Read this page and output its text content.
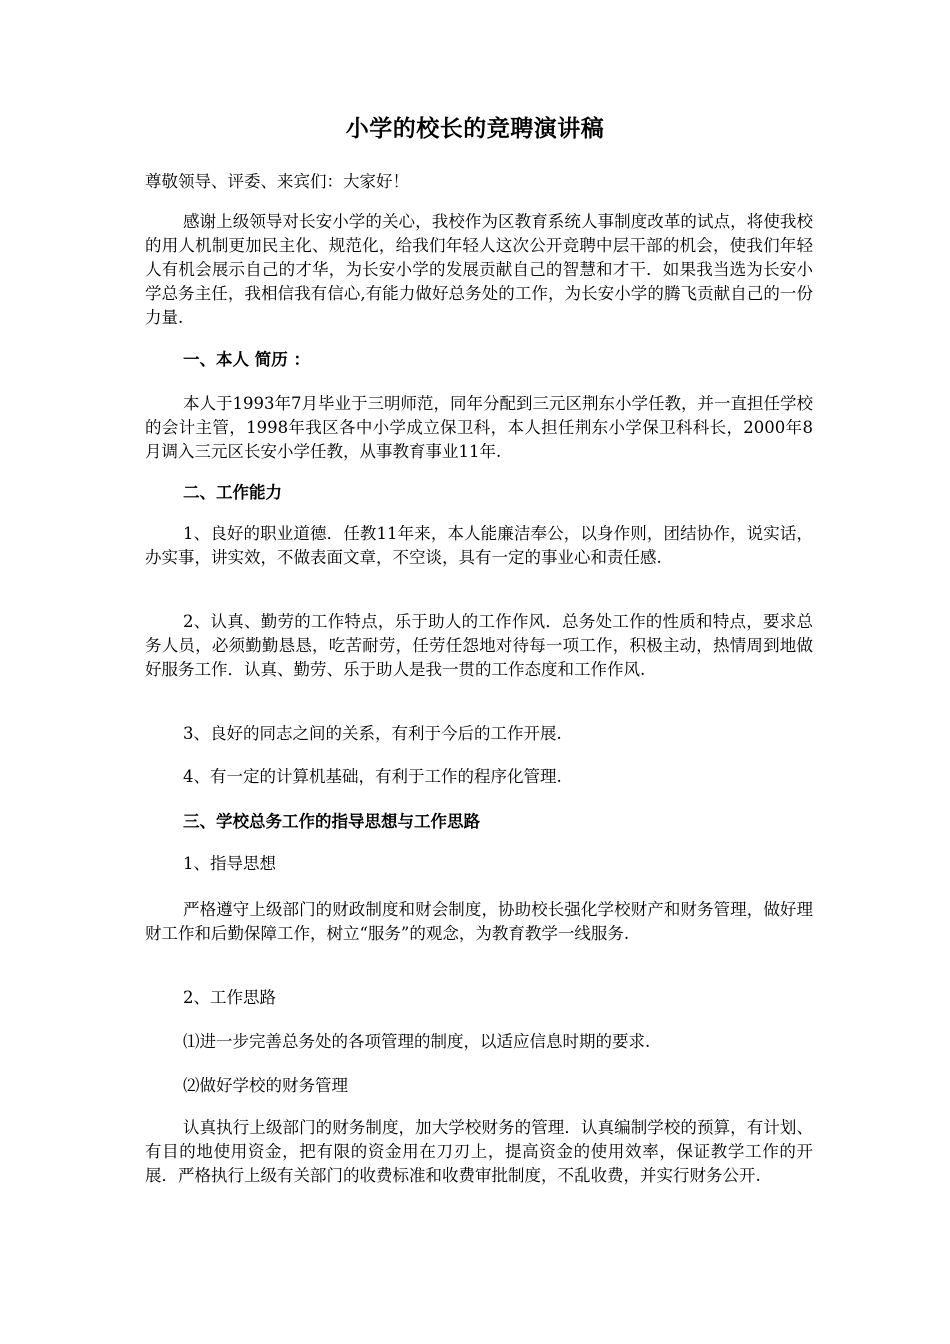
小学的校长的竞聘演讲稿

尊敬领导、评委、来宾们：大家好！

感谢上级领导对长安小学的关心，我校作为区教育系统人事制度改革的试点，将使我校的用人机制更加民主化、规范化，给我们年轻人这次公开竞聘中层干部的机会，使我们年轻人有机会展示自己的才华，为长安小学的发展贡献自己的智慧和才干．如果我当选为长安小学总务主任，我相信我有信心,有能力做好总务处的工作，为长安小学的腾飞贡献自己的一份力量.

一、本人 简历 ：

本人于1993年7月毕业于三明师范，同年分配到三元区荆东小学任教，并一直担任学校的会计主管，1998年我区各中小学成立保卫科，本人担任荆东小学保卫科科长，2000年8月调入三元区长安小学任教，从事教育事业11年.

二、工作能力

1、良好的职业道德．任教11年来，本人能廉洁奉公，以身作则，团结协作，说实话，办实事，讲实效，不做表面文章，不空谈，具有一定的事业心和责任感.

2、认真、勤劳的工作特点，乐于助人的工作作风．总务处工作的性质和特点，要求总务人员，必须勤勤恳恳，吃苦耐劳，任劳任怨地对待每一项工作，积极主动，热情周到地做好服务工作．认真、勤劳、乐于助人是我一贯的工作态度和工作作风.

3、良好的同志之间的关系，有利于今后的工作开展.

4、有一定的计算机基础，有利于工作的程序化管理.

三、学校总务工作的指导思想与工作思路
1、指导思想

严格遵守上级部门的财政制度和财会制度，协助校长强化学校财产和财务管理，做好理财工作和后勤保障工作，树立“服务”的观念，为教育教学一线服务.

2、工作思路
⑴进一步完善总务处的各项管理的制度，以适应信息时期的要求.
⑵做好学校的财务管理

认真执行上级部门的财务制度，加大学校财务的管理．认真编制学校的预算，有计划、有目的地使用资金，把有限的资金用在刀刃上，提高资金的使用效率，保证教学工作的开展．严格执行上级有关部门的收费标准和收费审批制度，不乱收费，并实行财务公开.
